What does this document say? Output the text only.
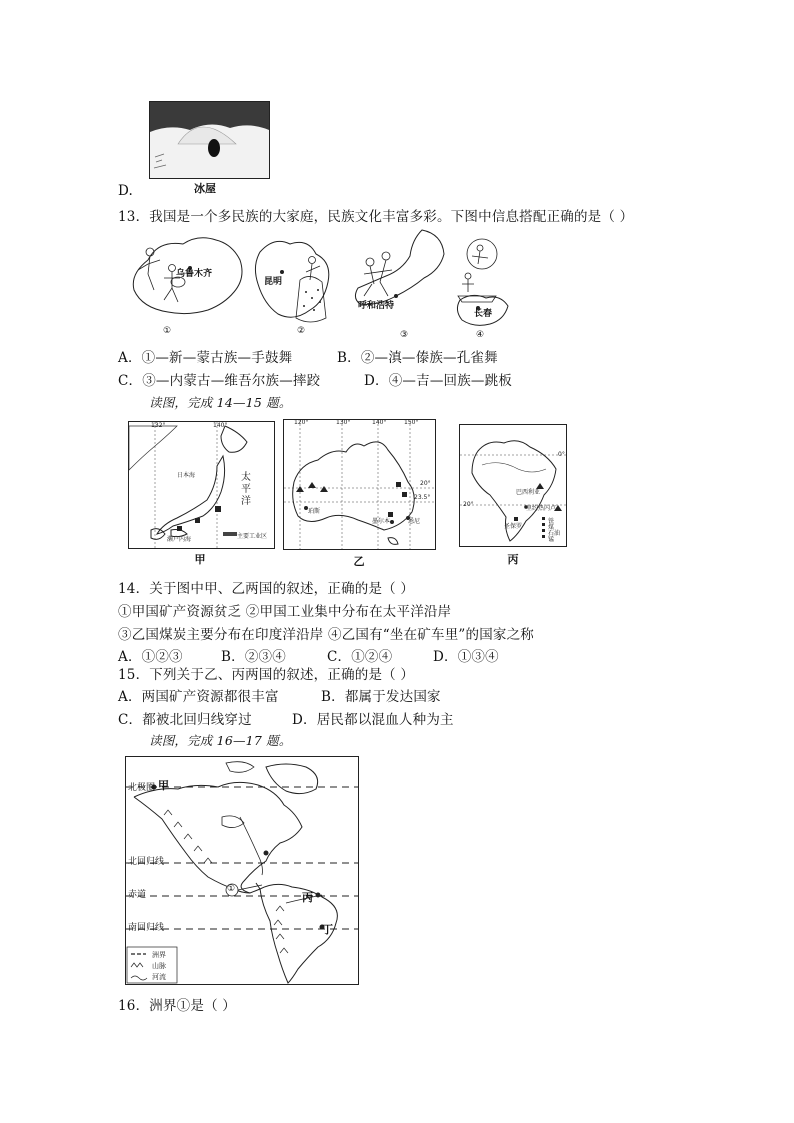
D.	冰屋
13．我国是一个多民族的大家庭，民族文化丰富多彩。下图中信息搭配正确的是（ ）
乌鲁木齐
①
昆明
②
呼和浩特
③
长春
④
A．①—新—蒙古族—手鼓舞	B．②—滇—傣族—孔雀舞
C．③—内蒙古—维吾尔族—摔跤	D．④—吉—回族—跳板
读图，完成 14—15 题。
132°	140°
日本海	太平洋
濑户内海	主要工业区
甲
120°	130°	140°	150°
20°
23.5°
珀斯
墨尔本	悉尼
乙
0°
20°
巴西利亚
里约热内卢
圣保罗
铁
煤
石油
锰
丙
14．关于图中甲、乙两国的叙述，正确的是（ ）
①甲国矿产资源贫乏 ②甲国工业集中分布在太平洋沿岸
③乙国煤炭主要分布在印度洋沿岸 ④乙国有“坐在矿车里”的国家之称
A．①②③	B．②③④	C．①②④	D．①③④
15．下列关于乙、丙两国的叙述，正确的是（ ）
A．两国矿产资源都很丰富	B．都属于发达国家
C．都被北回归线穿过	D．居民都以混血人种为主
读图，完成 16—17 题。
北极圈 甲
北回归线
赤道
①
丙
南回归线	丁
洲界
山脉
河流
16．洲界①是（ ）
